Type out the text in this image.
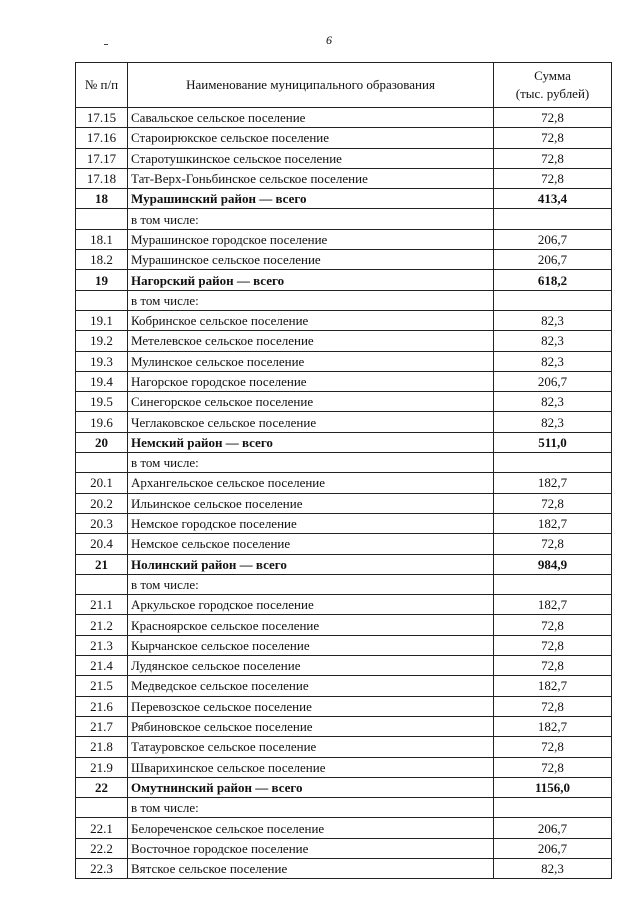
6
№ п/п	Наименование муниципального образования	Сумма
(тыс. рублей)

17.15	Савальское сельское поселение	72,8
17.16	Староирюкское сельское поселение	72,8
17.17	Старотушкинское сельское поселение	72,8
17.18	Тат-Верх-Гоньбинское сельское поселение	72,8
18	Мурашинский район — всего	413,4
	в том числе:	
18.1	Мурашинское городское поселение	206,7
18.2	Мурашинское сельское поселение	206,7
19	Нагорский район — всего	618,2
	в том числе:	
19.1	Кобринское сельское поселение	82,3
19.2	Метелевское сельское поселение	82,3
19.3	Мулинское сельское поселение	82,3
19.4	Нагорское городское поселение	206,7
19.5	Синегорское сельское поселение	82,3
19.6	Чеглаковское сельское поселение	82,3
20	Немский район — всего	511,0
	в том числе:	
20.1	Архангельское сельское поселение	182,7
20.2	Ильинское сельское поселение	72,8
20.3	Немское городское поселение	182,7
20.4	Немское сельское поселение	72,8
21	Нолинский район — всего	984,9
	в том числе:	
21.1	Аркульское городское поселение	182,7
21.2	Красноярское сельское поселение	72,8
21.3	Кырчанское сельское поселение	72,8
21.4	Лудянское сельское поселение	72,8
21.5	Медведское сельское поселение	182,7
21.6	Перевозское сельское поселение	72,8
21.7	Рябиновское сельское поселение	182,7
21.8	Татауровское сельское поселение	72,8
21.9	Шварихинское сельское поселение	72,8
22	Омутнинский район — всего	1156,0
	в том числе:	
22.1	Белореченское сельское поселение	206,7
22.2	Восточное городское поселение	206,7
22.3	Вятское сельское поселение	82,3
